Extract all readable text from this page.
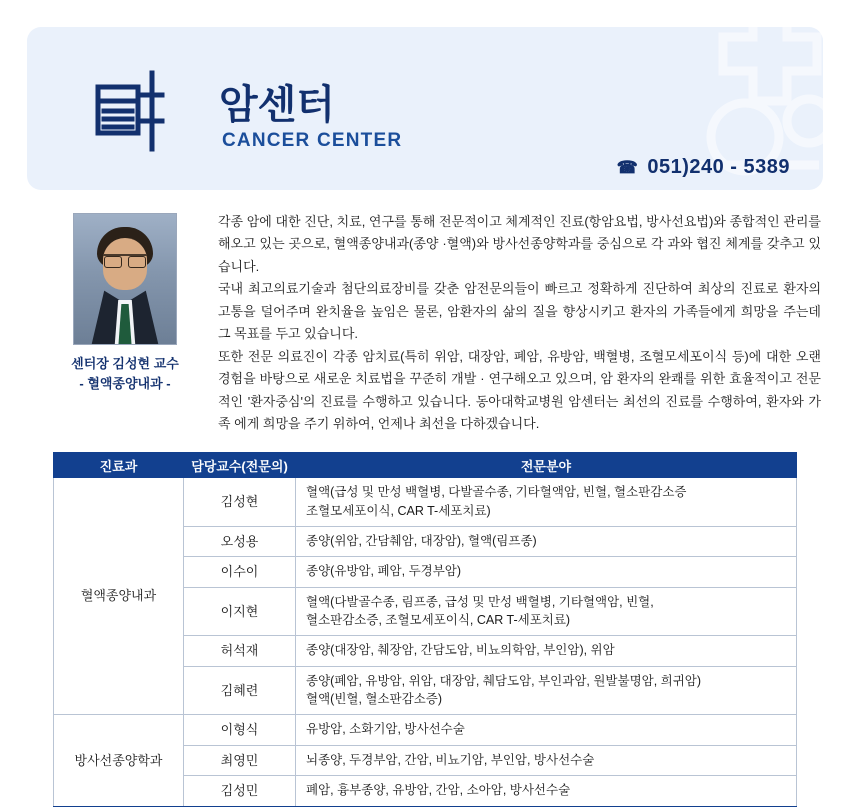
암센터
CANCER CENTER
☎ 051)240 - 5389
센터장 김성현 교수
- 혈액종양내과 -

각종 암에 대한 진단, 치료, 연구를 통해 전문적이고 체계적인 진료(항암요법, 방사선요법)와 종합적인 관리를 해오고 있는 곳으로, 혈액종양내과(종양 ·혈액)와 방사선종양학과를 중심으로 각 과와 협진 체계를 갖추고 있습니다.

국내 최고의료기술과 첨단의료장비를 갖춘 암전문의들이 빠르고 정확하게 진단하여 최상의 진료로 환자의 고통을 덜어주며 완치율을 높임은 물론, 암환자의 삶의 질을 향상시키고 환자의 가족들에게 희망을 주는데 그 목표를 두고 있습니다.

또한 전문 의료진이 각종 암치료(특히 위암, 대장암, 폐암, 유방암, 백혈병, 조혈모세포이식 등)에 대한 오랜 경험을 바탕으로 새로운 치료법을 꾸준히 개발 · 연구해오고 있으며, 암 환자의 완쾌를 위한 효율적이고 전문적인 '환자중심'의 진료를 수행하고 있습니다. 동아대학교병원 암센터는 최선의 진료를 수행하여, 환자와 가족 에게 희망을 주기 위하여, 언제나 최선을 다하겠습니다.

진료과	담당교수(전문의)	전문분야
혈액종양내과	김성현	혈액(급성 및 만성 백혈병, 다발골수종, 기타혈액암, 빈혈, 혈소판감소증
조혈모세포이식, CAR T-세포치료)
	오성용	종양(위암, 간담췌암, 대장암), 혈액(림프종)
	이수이	종양(유방암, 폐암, 두경부암)
	이지현	혈액(다발골수종, 림프종, 급성 및 만성 백혈병, 기타혈액암, 빈혈,
혈소판감소증, 조혈모세포이식, CAR T-세포치료)
	허석재	종양(대장암, 췌장암, 간담도암, 비뇨의학암, 부인암), 위암
	김혜련	종양(폐암, 유방암, 위암, 대장암, 췌담도암, 부인과암, 원발불명암, 희귀암)
혈액(빈혈, 혈소판감소증)
방사선종양학과	이형식	유방암, 소화기암, 방사선수술
	최영민	뇌종양, 두경부암, 간암, 비뇨기암, 부인암, 방사선수술
	김성민	폐암, 흉부종양, 유방암, 간암, 소아암, 방사선수술
